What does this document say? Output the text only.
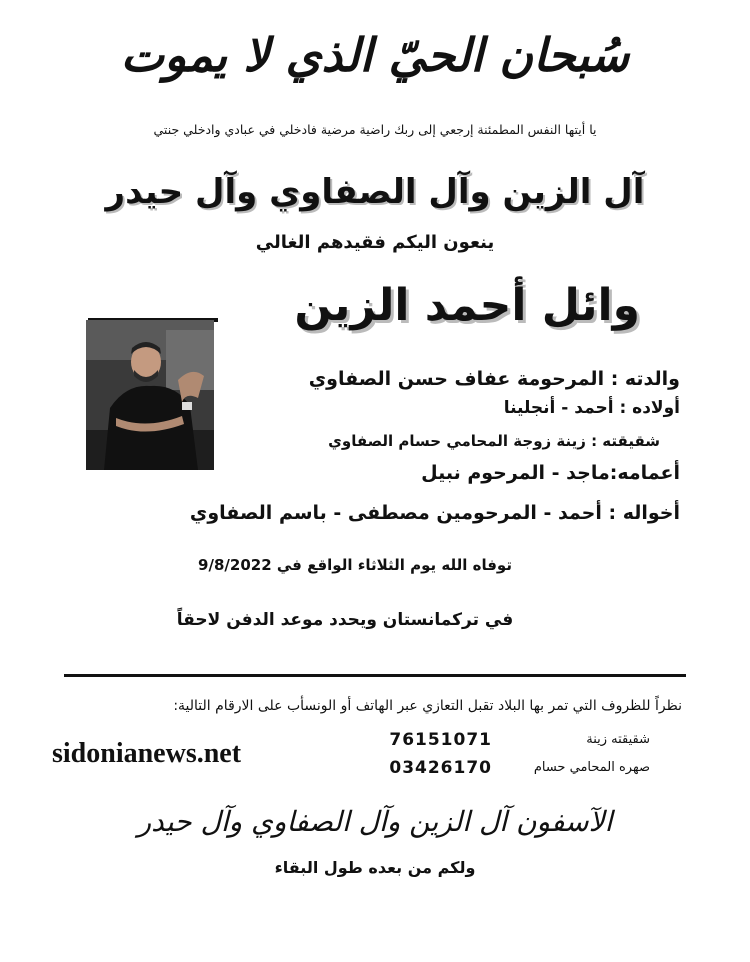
سُبحان الحيّ الذي لا يموت
يا أيتها النفس المطمئنة إرجعي إلى ربك راضية مرضية فادخلي في عبادي وادخلي جنتي
آل الزين وآل الصفاوي وآل حيدر
ينعون اليكم فقيدهم الغالي
وائل أحمد الزين
والدته : المرحومة عفاف حسن الصفاوي
أولاده : أحمد - أنجلينا
شقيقته : زينة زوجة المحامي حسام الصفاوي
أعمامه:ماجد - المرحوم نبيل
أخواله : أحمد - المرحومين مصطفى - باسم الصفاوي
توفاه الله يوم الثلاثاء الواقع في 9/8/2022
في تركمانستان ويحدد موعد الدفن لاحقاً
نظراً للظروف التي تمر بها البلاد تقبل التعازي عبر الهاتف أو الونسأب على الارقام التالية:
sidonianews.net	شقيقته زينة
76151071
صهره المحامي حسام
03426170
الآسفون آل الزين وآل الصفاوي وآل حيدر
ولكم من بعده طول البقاء
